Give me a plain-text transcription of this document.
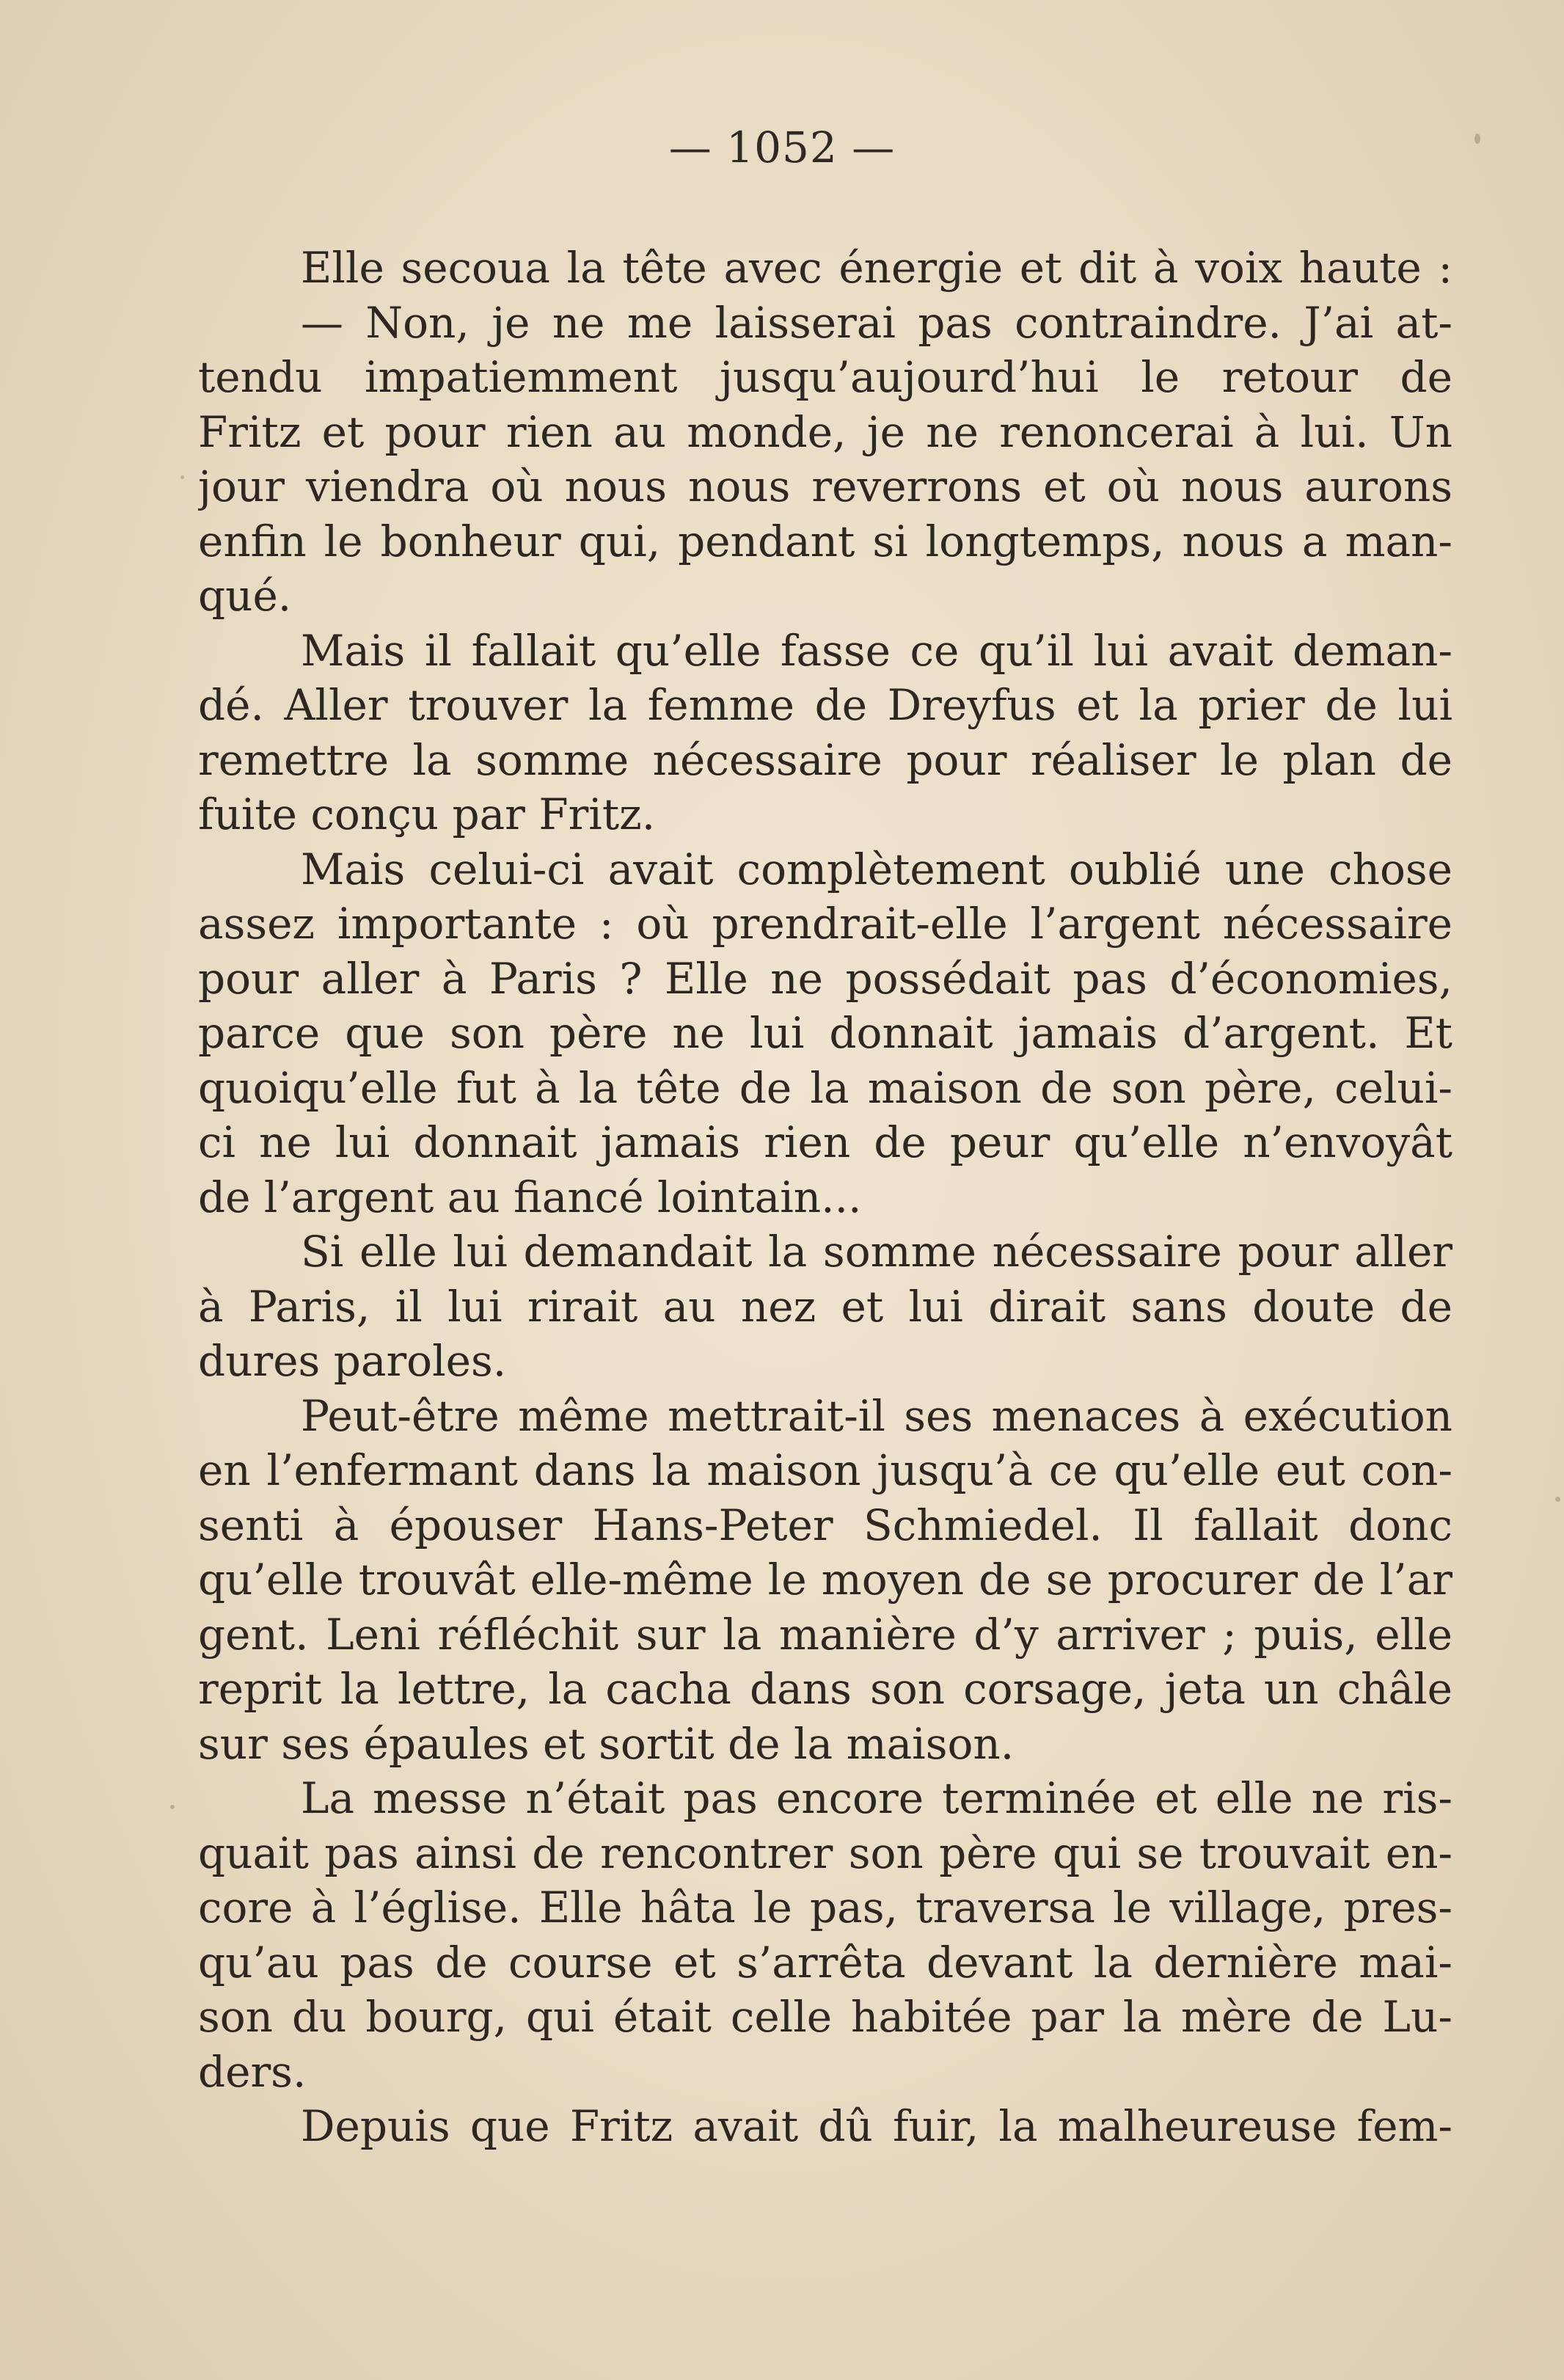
— 1052 —
Elle secoua la tête avec énergie et dit à voix haute :
— Non, je ne me laisserai pas contraindre. J’ai at-
tendu impatiemment jusqu’aujourd’hui le retour de
Fritz et pour rien au monde, je ne renoncerai à lui. Un
jour viendra où nous nous reverrons et où nous aurons
enfin le bonheur qui, pendant si longtemps, nous a man-
qué.
Mais il fallait qu’elle fasse ce qu’il lui avait deman-
dé. Aller trouver la femme de Dreyfus et la prier de lui
remettre la somme nécessaire pour réaliser le plan de
fuite conçu par Fritz.
Mais celui-ci avait complètement oublié une chose
assez importante : où prendrait-elle l’argent nécessaire
pour aller à Paris ? Elle ne possédait pas d’économies,
parce que son père ne lui donnait jamais d’argent. Et
quoiqu’elle fut à la tête de la maison de son père, celui-
ci ne lui donnait jamais rien de peur qu’elle n’envoyât
de l’argent au fiancé lointain...
Si elle lui demandait la somme nécessaire pour aller
à Paris, il lui rirait au nez et lui dirait sans doute de
dures paroles.
Peut-être même mettrait-il ses menaces à exécution
en l’enfermant dans la maison jusqu’à ce qu’elle eut con-
senti à épouser Hans-Peter Schmiedel. Il fallait donc
qu’elle trouvât elle-même le moyen de se procurer de l’ar
gent. Leni réfléchit sur la manière d’y arriver ; puis, elle
reprit la lettre, la cacha dans son corsage, jeta un châle
sur ses épaules et sortit de la maison.
La messe n’était pas encore terminée et elle ne ris-
quait pas ainsi de rencontrer son père qui se trouvait en-
core à l’église. Elle hâta le pas, traversa le village, pres-
qu’au pas de course et s’arrêta devant la dernière mai-
son du bourg, qui était celle habitée par la mère de Lu-
ders.
Depuis que Fritz avait dû fuir, la malheureuse fem-
